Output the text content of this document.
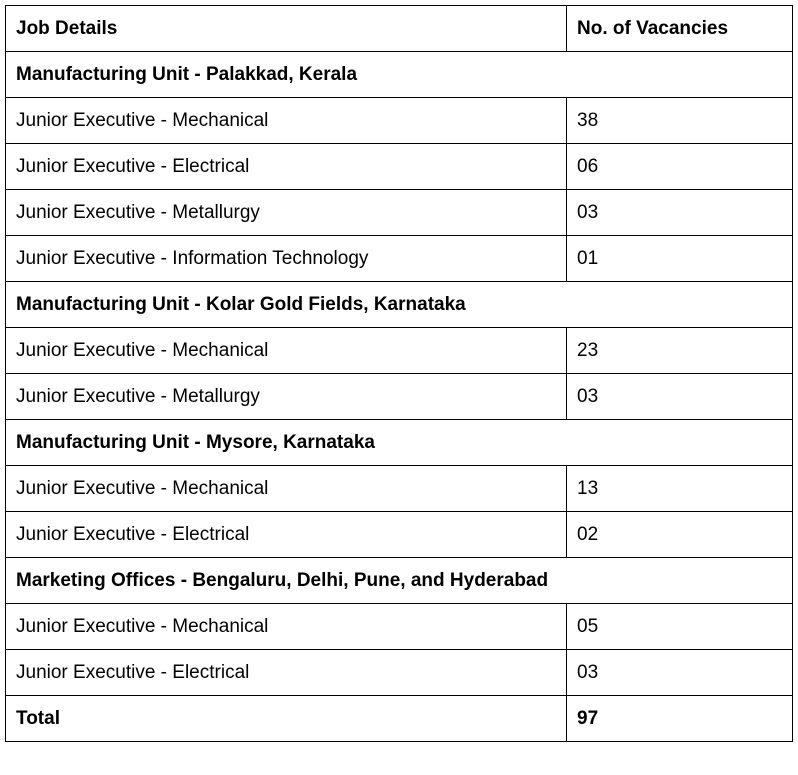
Job Details	No. of Vacancies
Manufacturing Unit - Palakkad, Kerala	
Junior Executive - Mechanical	38
Junior Executive - Electrical	06
Junior Executive - Metallurgy	03
Junior Executive - Information Technology	01
Manufacturing Unit - Kolar Gold Fields, Karnataka	
Junior Executive - Mechanical	23
Junior Executive - Metallurgy	03
Manufacturing Unit - Mysore, Karnataka	
Junior Executive - Mechanical	13
Junior Executive - Electrical	02
Marketing Offices - Bengaluru, Delhi, Pune, and Hyderabad	
Junior Executive - Mechanical	05
Junior Executive - Electrical	03
Total	97
